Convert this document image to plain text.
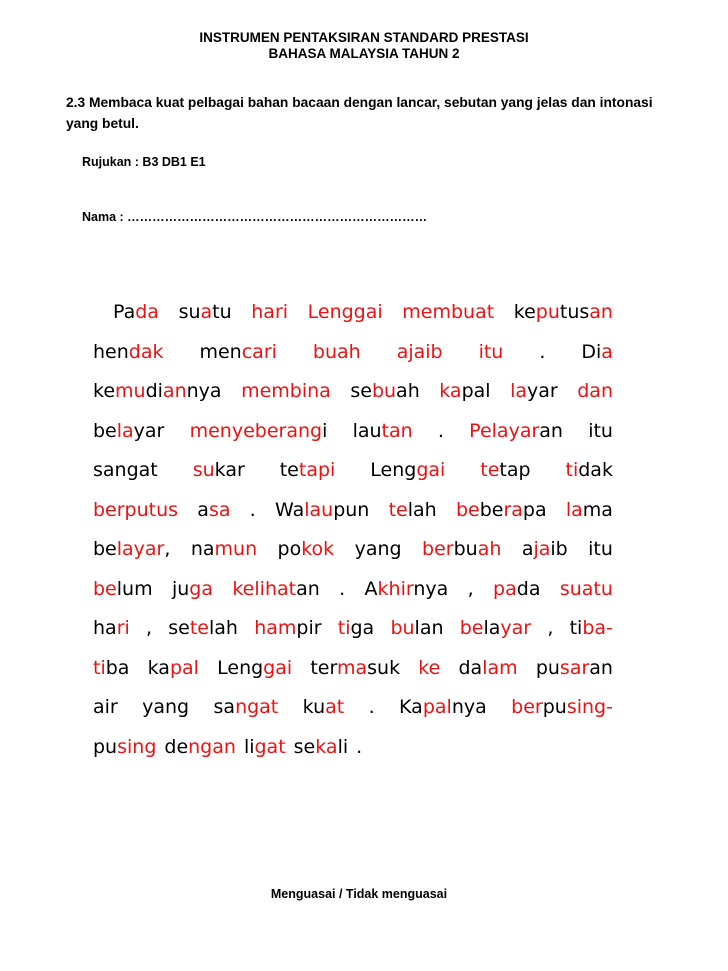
INSTRUMEN PENTAKSIRAN STANDARD PRESTASI
BAHASA MALAYSIA TAHUN 2
2.3 Membaca kuat pelbagai bahan bacaan dengan lancar, sebutan yang jelas dan intonasi yang betul.
Rujukan : B3 DB1 E1
Nama : ………………………………………………………………
Pada suatu hari Lenggai membuat keputusan
hendak mencari buah ajaib itu . Dia
kemudiannya membina sebuah kapal layar dan
belayar menyeberangi lautan . Pelayaran itu
sangat sukar tetapi Lenggai tetap tidak
berputus asa . Walaupun telah beberapa lama
belayar, namun pokok yang berbuah ajaib itu
belum juga kelihatan . Akhirnya , pada suatu
hari , setelah hampir tiga bulan belayar , tiba-
tiba kapal Lenggai termasuk ke dalam pusaran
air yang sangat kuat . Kapalnya berpusing-
pusing dengan ligat sekali .
Menguasai / Tidak menguasai
